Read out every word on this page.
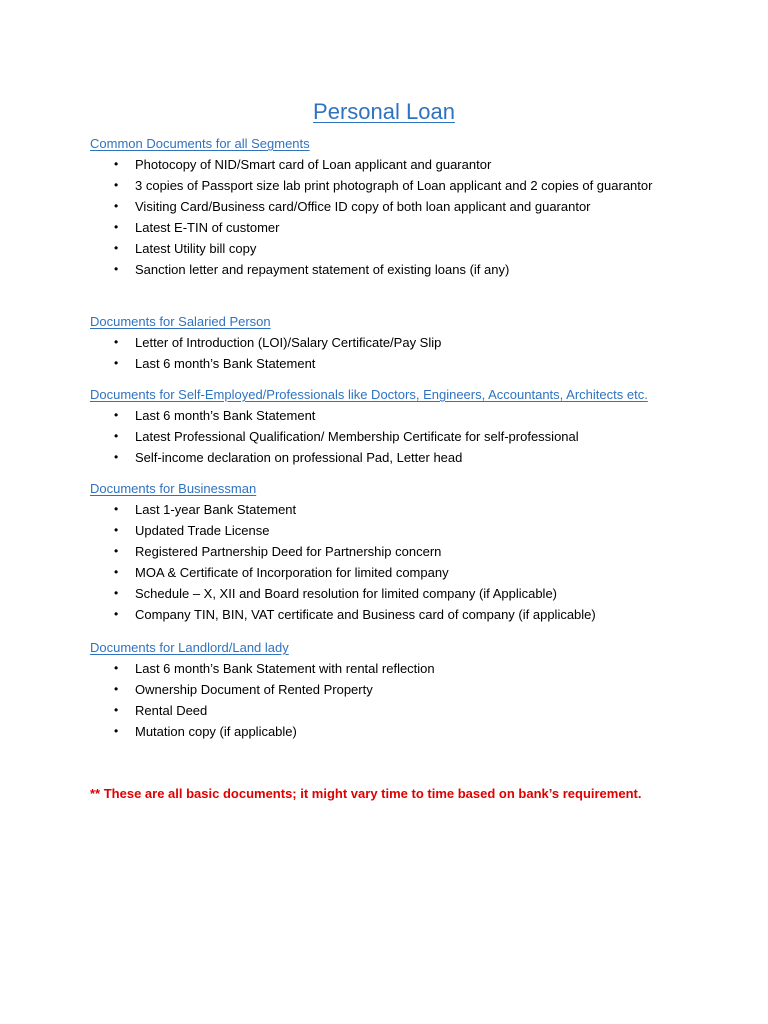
Personal Loan
Common Documents for all Segments
• Photocopy of NID/Smart card of Loan applicant and guarantor
• 3 copies of Passport size lab print photograph of Loan applicant and 2 copies of guarantor
• Visiting Card/Business card/Office ID copy of both loan applicant and guarantor
• Latest E-TIN of customer
• Latest Utility bill copy
• Sanction letter and repayment statement of existing loans (if any)
Documents for Salaried Person
• Letter of Introduction (LOI)/Salary Certificate/Pay Slip
• Last 6 month’s Bank Statement
Documents for Self-Employed/Professionals like Doctors, Engineers, Accountants, Architects etc.
• Last 6 month’s Bank Statement
• Latest Professional Qualification/ Membership Certificate for self-professional
• Self-income declaration on professional Pad, Letter head
Documents for Businessman
• Last 1-year Bank Statement
• Updated Trade License
• Registered Partnership Deed for Partnership concern
• MOA & Certificate of Incorporation for limited company
• Schedule – X, XII and Board resolution for limited company (if Applicable)
• Company TIN, BIN, VAT certificate and Business card of company (if applicable)
Documents for Landlord/Land lady
• Last 6 month’s Bank Statement with rental reflection
• Ownership Document of Rented Property
• Rental Deed
• Mutation copy (if applicable)
** These are all basic documents; it might vary time to time based on bank’s requirement.
